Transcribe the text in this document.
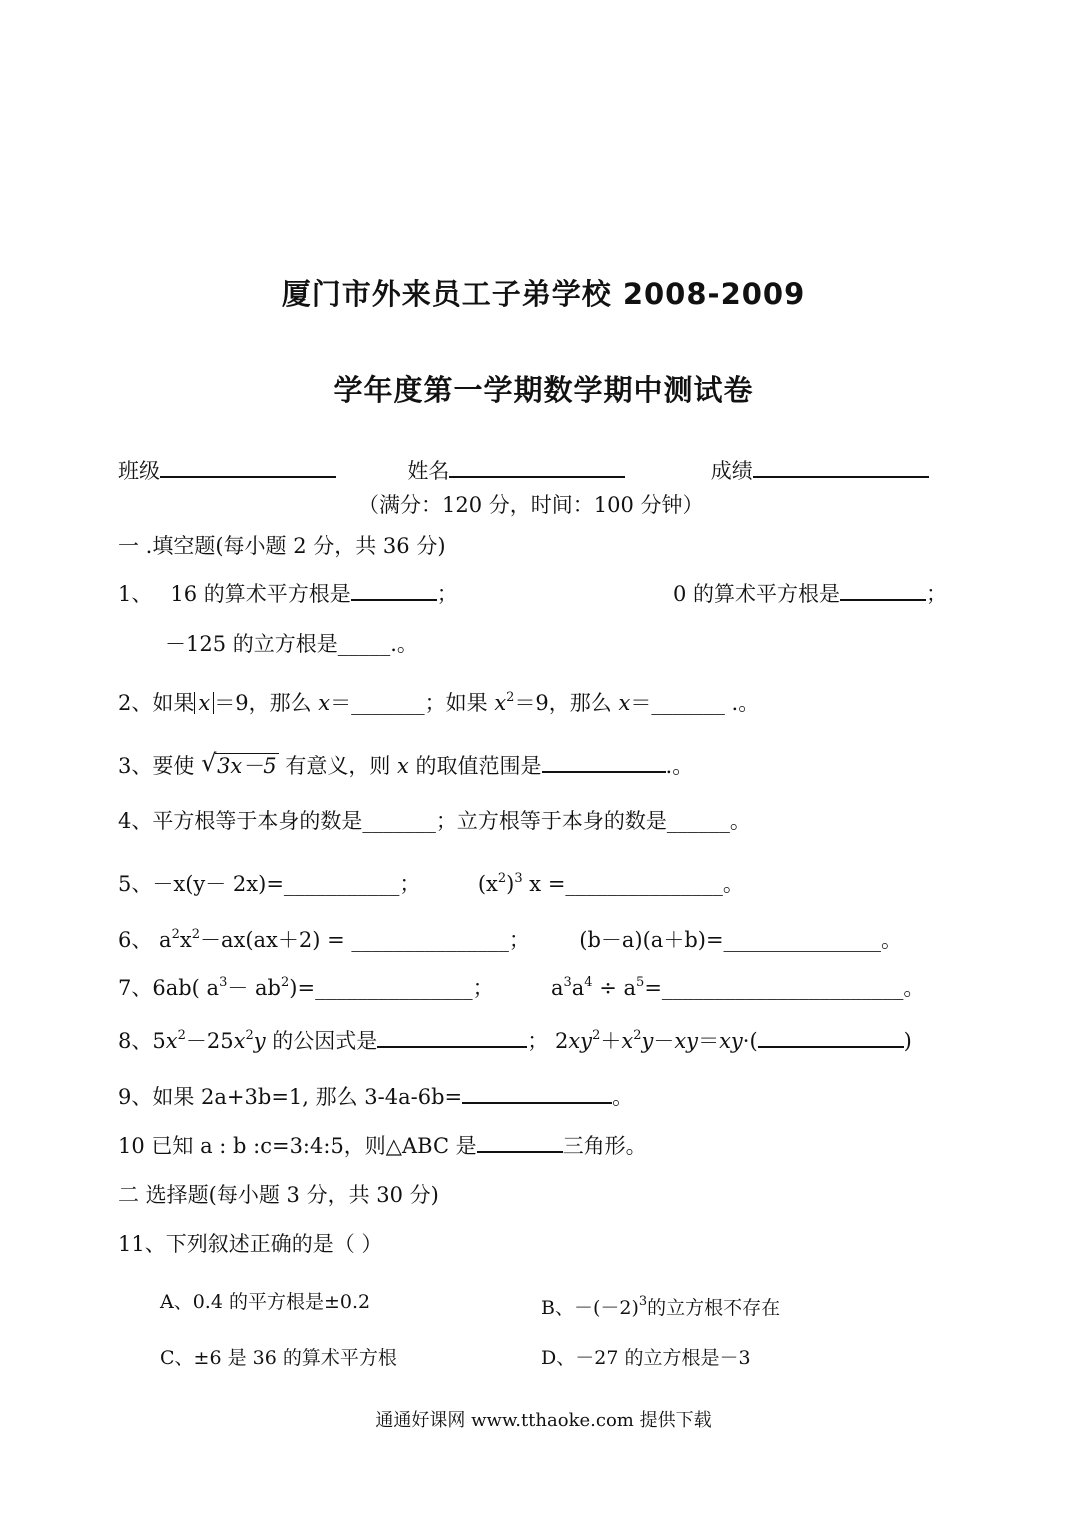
厦门市外来员工子弟学校 2008-2009
学年度第一学期数学期中测试卷
班级	姓名	成绩
（满分：120 分，时间：100 分钟）
一 .填空题(每小题 2 分，共 36 分)
1、 16 的算术平方根是	；	0 的算术平方根是	；
－125 的立方根是_____.。
2、如果 x ＝9，那么 x＝_______；如果 $x^2=9$，那么 x＝_______ .。
3、要使 √ 3x－5 有意义，则 x 的取值范围是	.。
4、平方根等于本身的数是_______；立方根等于本身的数是______。
5、－x(y－ 2x)=___________；	$(x^2)^3$ x =_______________。
6、 $a^2x^2-ax(ax+2)$ = _______________； (b－a)(a＋b)=_______________。
7、6ab( $a^3-$ $ab^2)=\_\_\_\_\_\_\_\_\_\_\_\_\_\_\_$；	$a^3a^4$ ÷ $a^5=\_\_\_\_\_\_\_\_\_\_\_\_\_\_\_\_\_\_\_\_\_\_\_$。
8、$5x^2-25x^2y$ 的公因式是	； $2xy^2+x^2y-xy=xy\cdot$(	)
9、如果 2a+3b=1, 那么 3-4a-6b=	。
10 已知 a : b :c=3:4:5，则△ABC 是	三角形。
二 选择题(每小题 3 分，共 30 分)
11、下列叙述正确的是（ ）
A、0.4 的平方根是±0.2	B、$-(-2)^3$的立方根不存在
C、±6 是 36 的算术平方根	D、－27 的立方根是－3
通通好课网 www.tthaoke.com 提供下载
